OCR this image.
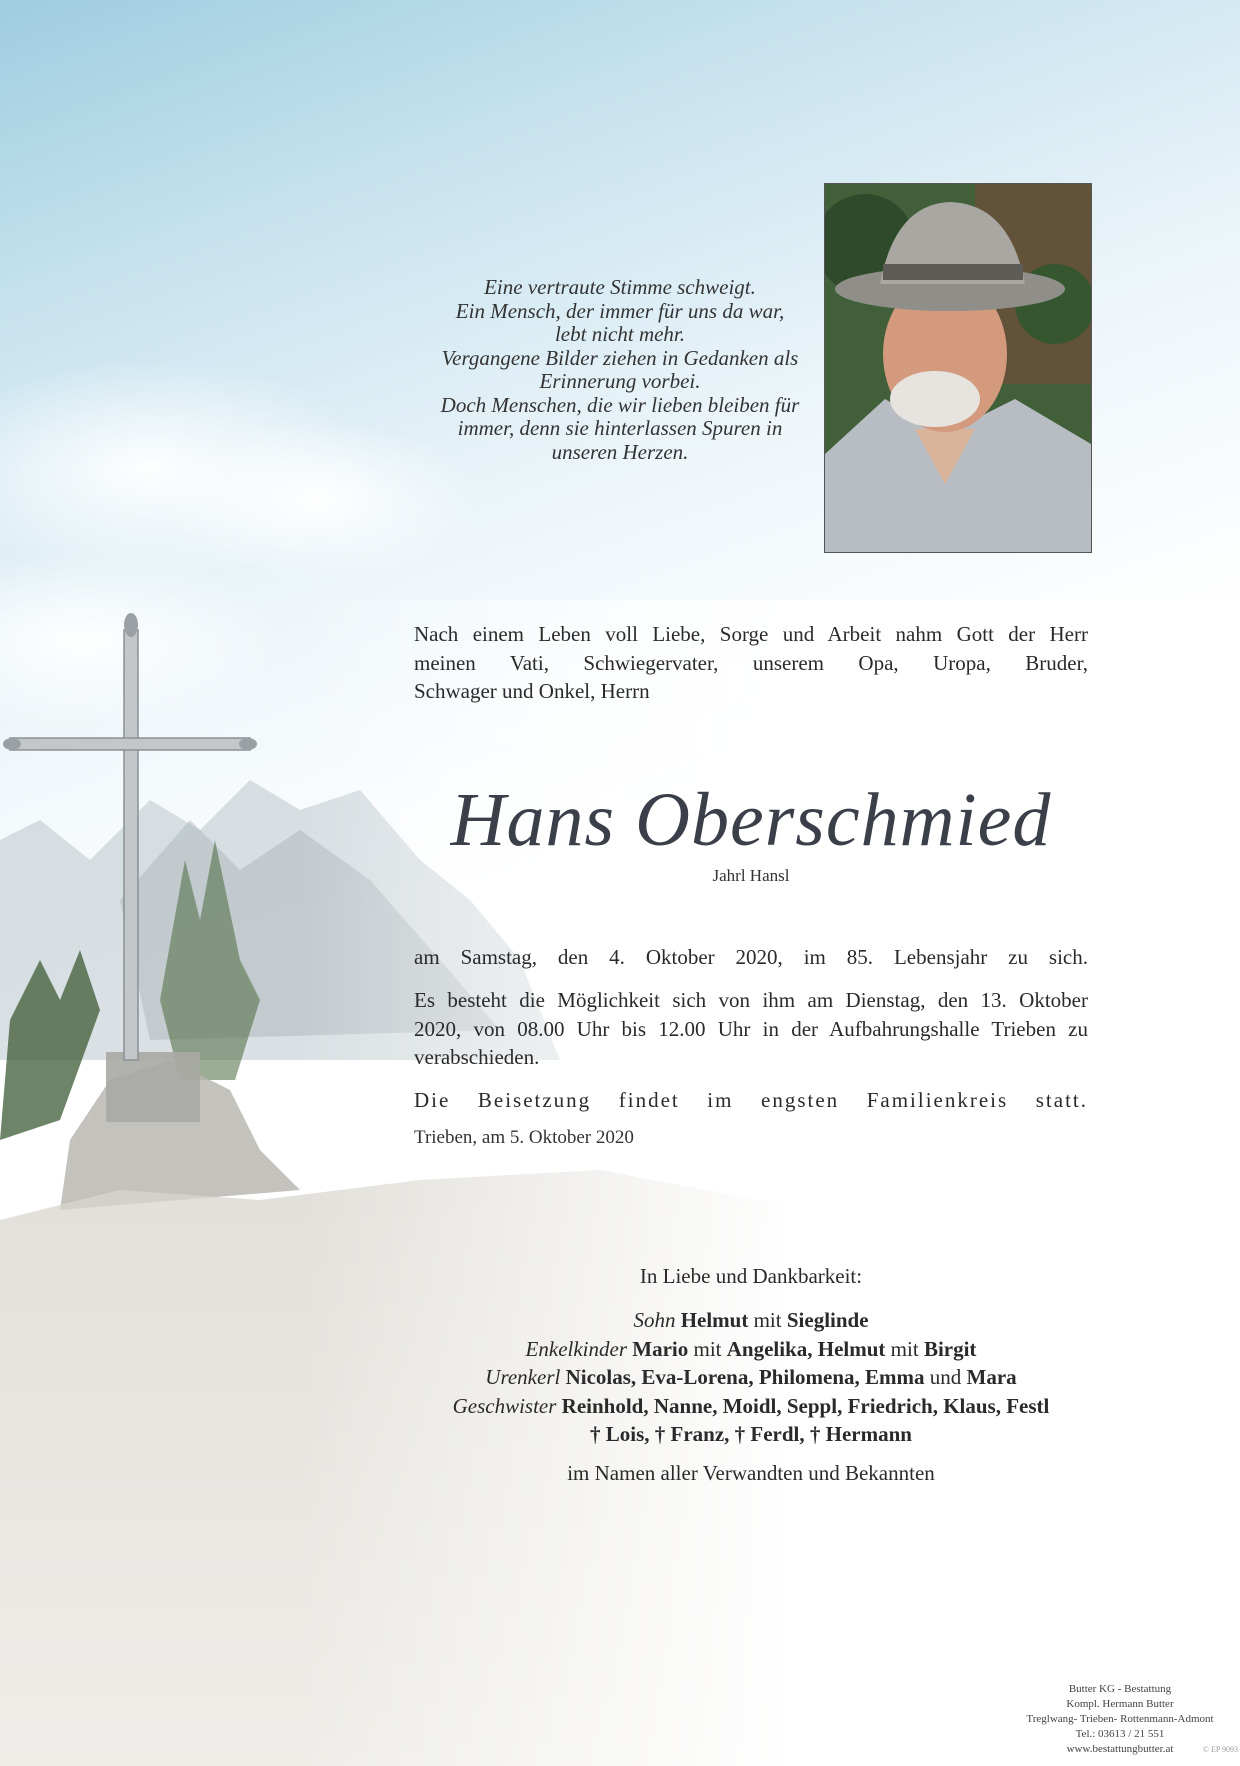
Eine vertraute Stimme schweigt.
Ein Mensch, der immer für uns da war,
lebt nicht mehr.
Vergangene Bilder ziehen in Gedanken als
Erinnerung vorbei.
Doch Menschen, die wir lieben bleiben für
immer, denn sie hinterlassen Spuren in
unseren Herzen.
Nach einem Leben voll Liebe, Sorge und Arbeit nahm Gott der Herr
meinen Vati, Schwiegervater, unserem Opa, Uropa, Bruder,
Schwager und Onkel, Herrn
Hans Oberschmied
Jahrl Hansl
am Samstag, den 4. Oktober 2020, im 85. Lebensjahr zu sich.
Es besteht die Möglichkeit sich von ihm am Dienstag, den 13. Oktober
2020, von 08.00 Uhr bis 12.00 Uhr in der Aufbahrungshalle Trieben zu
verabschieden.
Die Beisetzung findet im engsten Familienkreis statt.
Trieben, am 5. Oktober 2020
In Liebe und Dankbarkeit:
Sohn Helmut mit Sieglinde
Enkelkinder Mario mit Angelika, Helmut mit Birgit
Urenkerl Nicolas, Eva-Lorena, Philomena, Emma und Mara
Geschwister Reinhold, Nanne, Moidl, Seppl, Friedrich, Klaus, Festl
† Lois, † Franz, † Ferdl, † Hermann
im Namen aller Verwandten und Bekannten
Butter KG - Bestattung
Kompl. Hermann Butter
Treglwang- Trieben- Rottenmann-Admont
Tel.: 03613 / 21 551
www.bestattungbutter.at	© EP 9093
